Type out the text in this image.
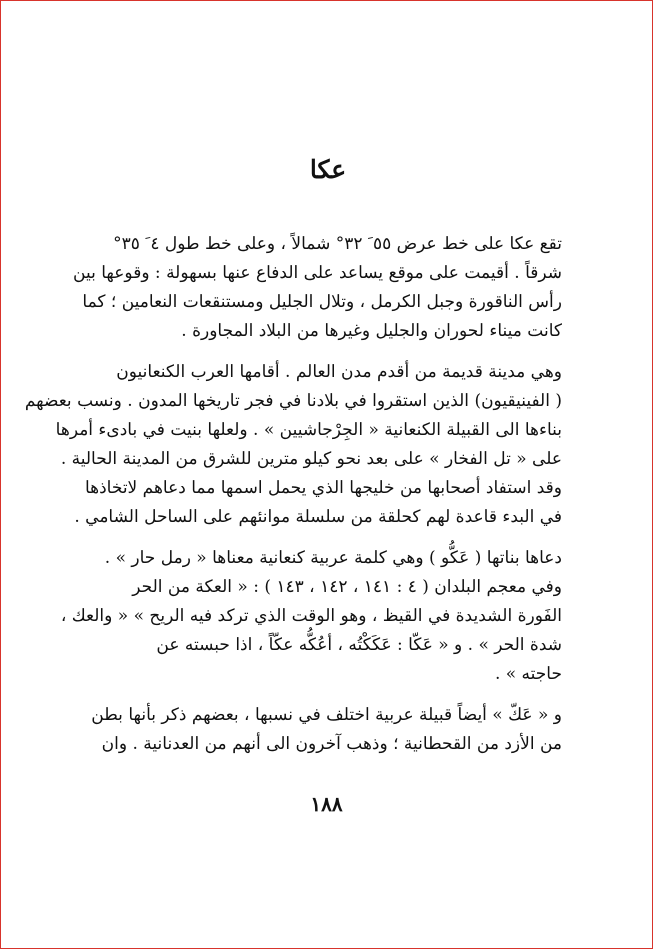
عكا
تقع عكا على خط عرض ٥٥ َ ٣٢° شمالاً ، وعلى خط طول ٤ َ ٣٥°
شرقاً . أقيمت على موقع يساعد على الدفاع عنها بسهولة : وقوعها بين
رأس الناقورة وجبل الكرمل ، وتلال الجليل ومستنقعات النعامين ؛ كما
كانت ميناء لحوران والجليل وغيرها من البلاد المجاورة .
وهي مدينة قديمة من أقدم مدن العالم . أقامها العرب الكنعانيون
( الفينيقيون) الذين استقروا في بلادنا في فجر تاريخها المدون . ونسب بعضهم
بناءها الى القبيلة الكنعانية « الجِرْجاشيين » . ولعلها بنيت في بادىء أمرها
على « تل الفخار » على بعد نحو كيلو مترين للشرق من المدينة الحالية .
وقد استفاد أصحابها من خليجها الذي يحمل اسمها مما دعاهم لاتخاذها
في البدء قاعدة لهم كحلقة من سلسلة موانئهم على الساحل الشامي .
دعاها بناتها ( عَكُّو ) وهي كلمة عربية كنعانية معناها « رمل حار » .
وفي معجم البلدان ( ٤ : ١٤١ ، ١٤٢ ، ١٤٣ ) : « العكة من الحر
الفَورة الشديدة في القيظ ، وهو الوقت الذي تركد فيه الريح » « والعك ،
شدة الحر » . و « عَكّا : عَكَكْتُه ، أعُكُّه عكّاً ، اذا حبسته عن
حاجته » .
و « عَكّ » أيضاً قبيلة عربية اختلف في نسبها ، بعضهم ذكر بأنها بطن
من الأزد من القحطانية ؛ وذهب آخرون الى أنهم من العدنانية . وان
١٨٨
